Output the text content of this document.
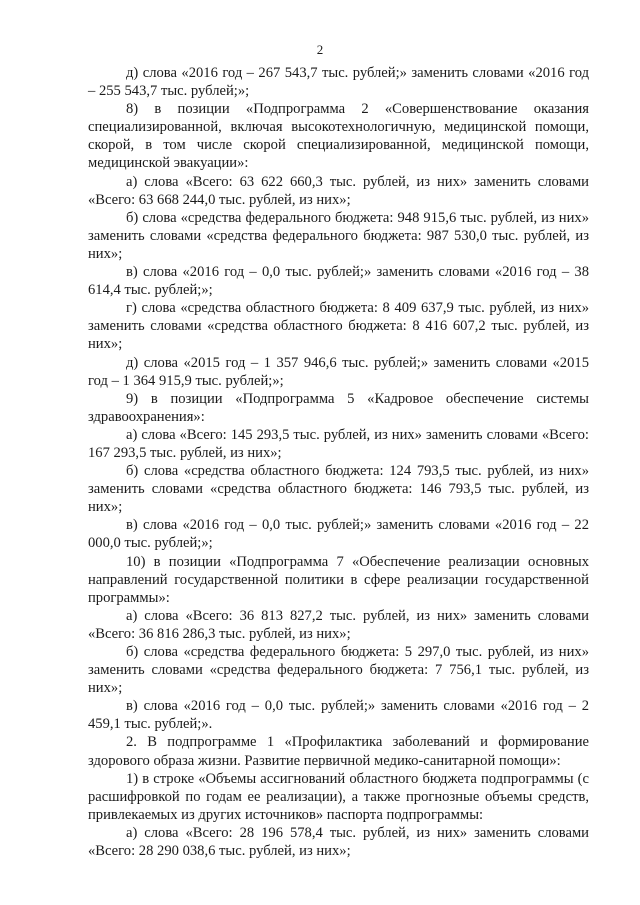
2

д) слова «2016 год – 267 543,7 тыс. рублей;» заменить словами «2016 год – 255 543,7 тыс. рублей;»;

8) в позиции «Подпрограмма 2 «Совершенствование оказания специализированной, включая высокотехнологичную, медицинской помощи, скорой, в том числе скорой специализированной, медицинской помощи, медицинской эвакуации»:

а) слова «Всего: 63 622 660,3 тыс. рублей, из них» заменить словами «Всего: 63 668 244,0 тыс. рублей, из них»;

б) слова «средства федерального бюджета: 948 915,6 тыс. рублей, из них» заменить словами «средства федерального бюджета: 987 530,0 тыс. рублей, из них»;

в) слова «2016 год – 0,0 тыс. рублей;» заменить словами «2016 год – 38 614,4 тыс. рублей;»;

г) слова «средства областного бюджета: 8 409 637,9 тыс. рублей, из них» заменить словами «средства областного бюджета: 8 416 607,2 тыс. рублей, из них»;

д) слова «2015 год – 1 357 946,6 тыс. рублей;» заменить словами «2015 год – 1 364 915,9 тыс. рублей;»;

9) в позиции «Подпрограмма 5 «Кадровое обеспечение системы здравоохранения»:

а) слова «Всего: 145 293,5 тыс. рублей, из них» заменить словами «Всего: 167 293,5 тыс. рублей, из них»;

б) слова «средства областного бюджета: 124 793,5 тыс. рублей, из них» заменить словами «средства областного бюджета: 146 793,5 тыс. рублей, из них»;

в) слова «2016 год – 0,0 тыс. рублей;» заменить словами «2016 год – 22 000,0 тыс. рублей;»;

10) в позиции «Подпрограмма 7 «Обеспечение реализации основных направлений государственной политики в сфере реализации государственной программы»:

а) слова «Всего: 36 813 827,2 тыс. рублей, из них» заменить словами «Всего: 36 816 286,3 тыс. рублей, из них»;

б) слова «средства федерального бюджета: 5 297,0 тыс. рублей, из них» заменить словами «средства федерального бюджета: 7 756,1 тыс. рублей, из них»;

в) слова «2016 год – 0,0 тыс. рублей;» заменить словами «2016 год – 2 459,1 тыс. рублей;».

2. В подпрограмме 1 «Профилактика заболеваний и формирование здорового образа жизни. Развитие первичной медико-санитарной помощи»:

1) в строке «Объемы ассигнований областного бюджета подпрограммы (с расшифровкой по годам ее реализации), а также прогнозные объемы средств, привлекаемых из других источников» паспорта подпрограммы:

а) слова «Всего: 28 196 578,4 тыс. рублей, из них» заменить словами «Всего: 28 290 038,6 тыс. рублей, из них»;
